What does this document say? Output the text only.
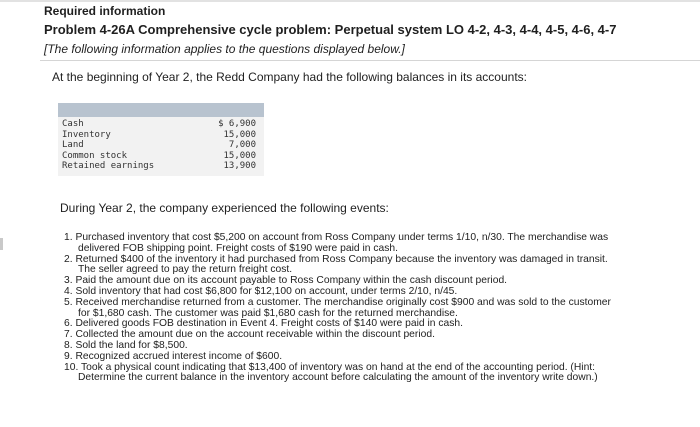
Required information
Problem 4-26A Comprehensive cycle problem: Perpetual system LO 4-2, 4-3, 4-4, 4-5, 4-6, 4-7
[The following information applies to the questions displayed below.]
At the beginning of Year 2, the Redd Company had the following balances in its accounts:
Cash	$ 6,900
Inventory	15,000
Land	7,000
Common stock	15,000
Retained earnings	13,900
During Year 2, the company experienced the following events:
1. Purchased inventory that cost $5,200 on account from Ross Company under terms 1/10, n/30. The merchandise was
delivered FOB shipping point. Freight costs of $190 were paid in cash.
2. Returned $400 of the inventory it had purchased from Ross Company because the inventory was damaged in transit.
The seller agreed to pay the return freight cost.
3. Paid the amount due on its account payable to Ross Company within the cash discount period.
4. Sold inventory that had cost $6,800 for $12,100 on account, under terms 2/10, n/45.
5. Received merchandise returned from a customer. The merchandise originally cost $900 and was sold to the customer
for $1,680 cash. The customer was paid $1,680 cash for the returned merchandise.
6. Delivered goods FOB destination in Event 4. Freight costs of $140 were paid in cash.
7. Collected the amount due on the account receivable within the discount period.
8. Sold the land for $8,500.
9. Recognized accrued interest income of $600.
10. Took a physical count indicating that $13,400 of inventory was on hand at the end of the accounting period. (Hint:
Determine the current balance in the inventory account before calculating the amount of the inventory write down.)
